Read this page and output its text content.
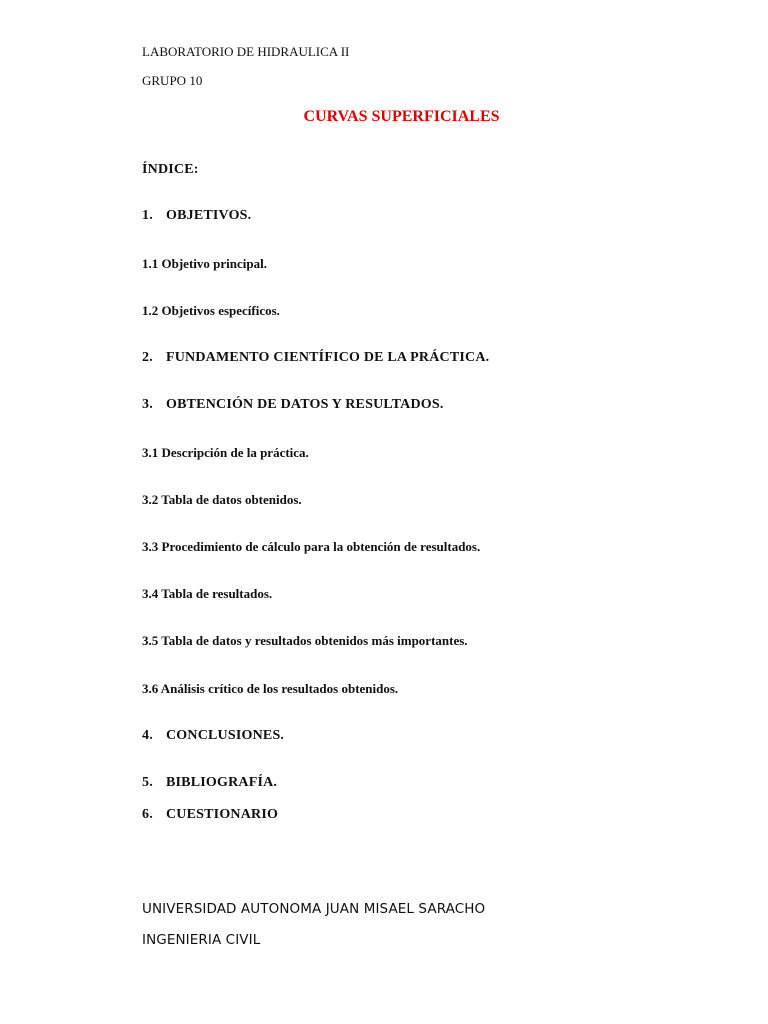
LABORATORIO DE HIDRAULICA II
GRUPO 10
CURVAS SUPERFICIALES
ÍNDICE:
1. OBJETIVOS.
1.1 Objetivo principal.
1.2 Objetivos específicos.
2. FUNDAMENTO CIENTÍFICO DE LA PRÁCTICA.
3. OBTENCIÓN DE DATOS Y RESULTADOS.
3.1 Descripción de la práctica.
3.2 Tabla de datos obtenidos.
3.3 Procedimiento de cálculo para la obtención de resultados.
3.4 Tabla de resultados.
3.5 Tabla de datos y resultados obtenidos más importantes.
3.6 Análisis crítico de los resultados obtenidos.
4. CONCLUSIONES.
5. BIBLIOGRAFÍA.
6. CUESTIONARIO
UNIVERSIDAD AUTONOMA JUAN MISAEL SARACHO
INGENIERIA CIVIL
